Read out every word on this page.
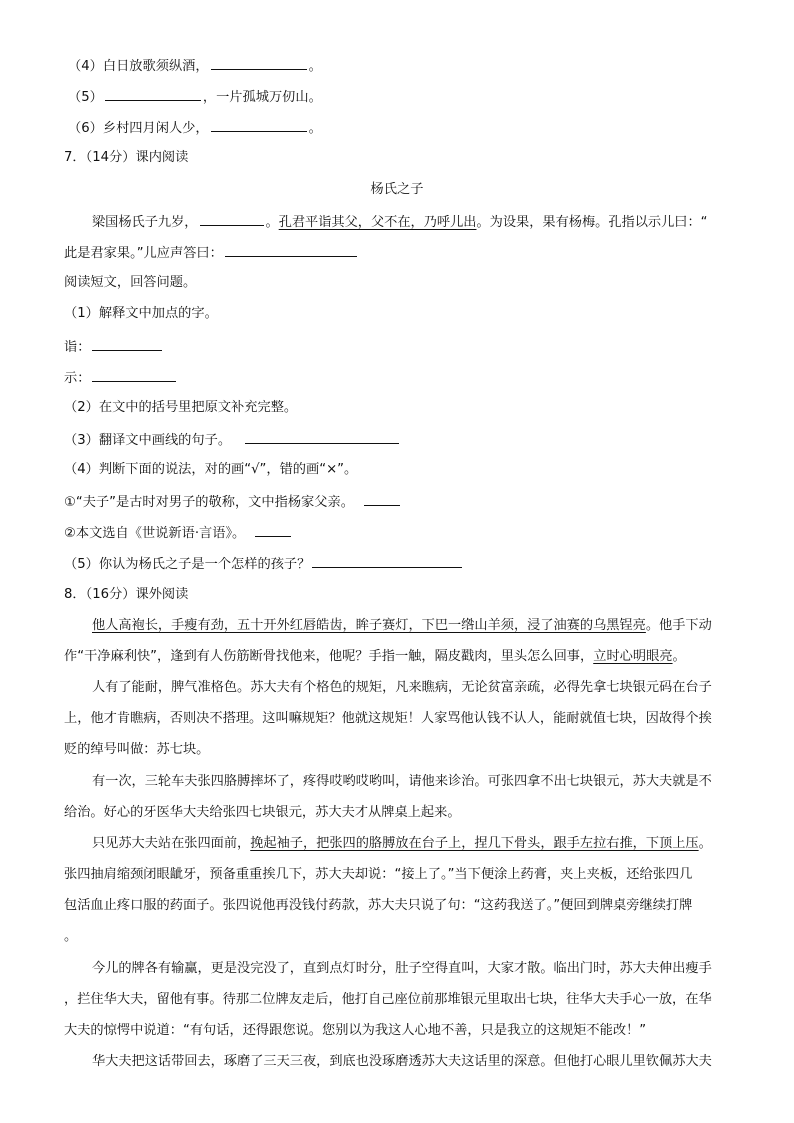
（4）白日放歌须纵酒，	。
（5）	，一片孤城万仞山。
（6）乡村四月闲人少，	。
7．（14分）课内阅读
杨氏之子
梁国杨氏子九岁，	。孔君平诣其父，父不在，乃呼儿出。为设果，果有杨梅。孔指以示儿曰：“
此是君家果。”儿应声答曰：
阅读短文，回答问题。
（1）解释文中加点的字。
诣：
示：
（2）在文中的括号里把原文补充完整。
（3）翻译文中画线的句子。
（4）判断下面的说法，对的画“√”，错的画“×”。
①“夫子”是古时对男子的敬称，文中指杨家父亲。
②本文选自《世说新语·言语》。
（5）你认为杨氏之子是一个怎样的孩子？
8．（16分）课外阅读
他人高袍长，手瘦有劲，五十开外红唇皓齿，眸子赛灯，下巴一绺山羊须，浸了油赛的乌黑锃亮。他手下动
作“干净麻利快”，逢到有人伤筋断骨找他来，他呢？手指一触，隔皮戳肉，里头怎么回事，立时心明眼亮。
人有了能耐，脾气准格色。苏大夫有个格色的规矩，凡来瞧病，无论贫富亲疏，必得先拿七块银元码在台子
上，他才肯瞧病，否则决不搭理。这叫嘛规矩？他就这规矩！人家骂他认钱不认人，能耐就值七块，因故得个挨
贬的绰号叫做：苏七块。
有一次，三轮车夫张四胳膊摔坏了，疼得哎哟哎哟叫，请他来诊治。可张四拿不出七块银元，苏大夫就是不
给治。好心的牙医华大夫给张四七块银元，苏大夫才从牌桌上起来。
只见苏大夫站在张四面前，挽起袖子，把张四的胳膊放在台子上，捏几下骨头，跟手左拉右推，下顶上压。
张四抽肩缩颈闭眼龇牙，预备重重挨几下，苏大夫却说：“接上了。”当下便涂上药膏，夹上夹板，还给张四几
包活血止疼口服的药面子。张四说他再没钱付药款，苏大夫只说了句：“这药我送了。”便回到牌桌旁继续打牌
。
今儿的牌各有输赢，更是没完没了，直到点灯时分，肚子空得直叫，大家才散。临出门时，苏大夫伸出瘦手
，拦住华大夫，留他有事。待那二位牌友走后，他打自己座位前那堆银元里取出七块，往华大夫手心一放，在华
大夫的惊愕中说道：“有句话，还得跟您说。您别以为我这人心地不善，只是我立的这规矩不能改！”
华大夫把这话带回去，琢磨了三天三夜，到底也没琢磨透苏大夫这话里的深意。但他打心眼儿里钦佩苏大夫
